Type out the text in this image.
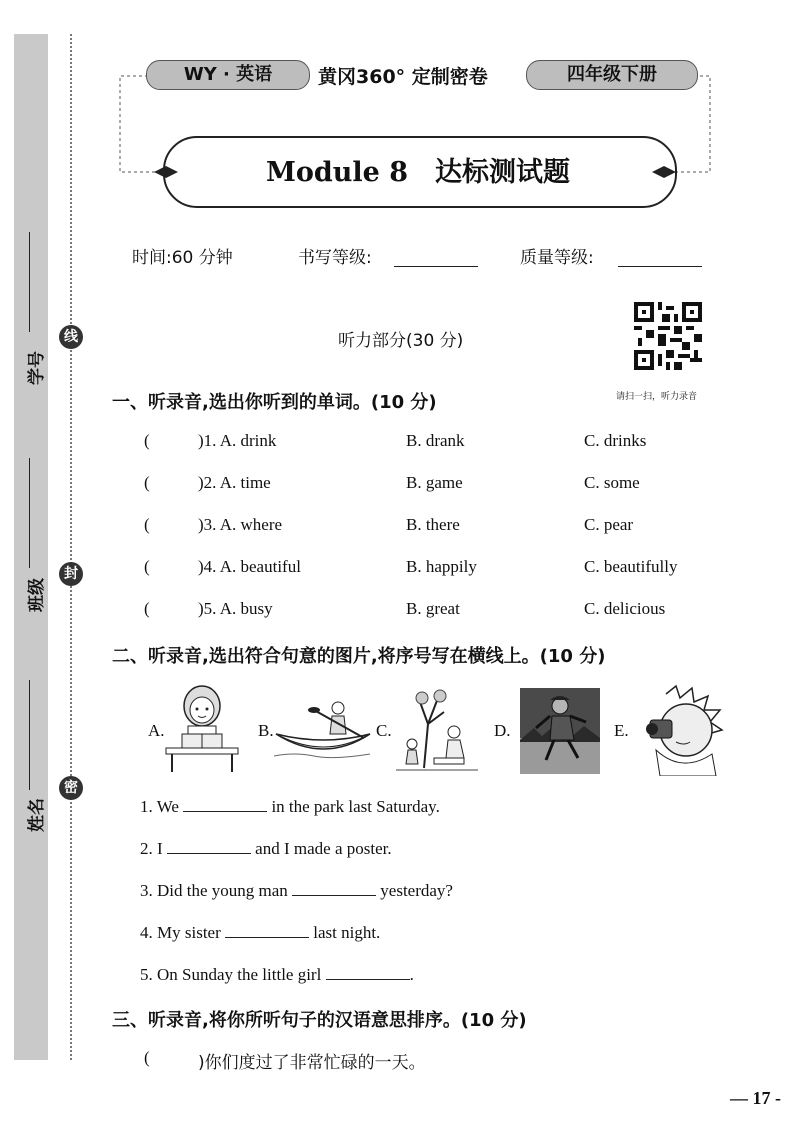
学号
班级
姓名
线
封
密
WY · 英语	黄冈360° 定制密卷	四年级下册
Module 8　达标测试题
时间:60 分钟	书写等级:	质量等级:
听力部分(30 分)
请扫一扫，听力录音
一、听录音,选出你听到的单词。(10 分)
(	)1. A. drink	B. drank	C. drinks
(	)2. A. time	B. game	C. some
(	)3. A. where	B. there	C. pear
(	)4. A. beautiful	B. happily	C. beautifully
(	)5. A. busy	B. great	C. delicious
二、听录音,选出符合句意的图片,将序号写在横线上。(10 分)
A.	B.	C.	D.	E.
1. We	in the park last Saturday.
2. I	and I made a poster.
3. Did the young man	yesterday?
4. My sister	last night.
5. On Sunday the little girl	.
三、听录音,将你所听句子的汉语意思排序。(10 分)
(	)你们度过了非常忙碌的一天。
— 17 -
